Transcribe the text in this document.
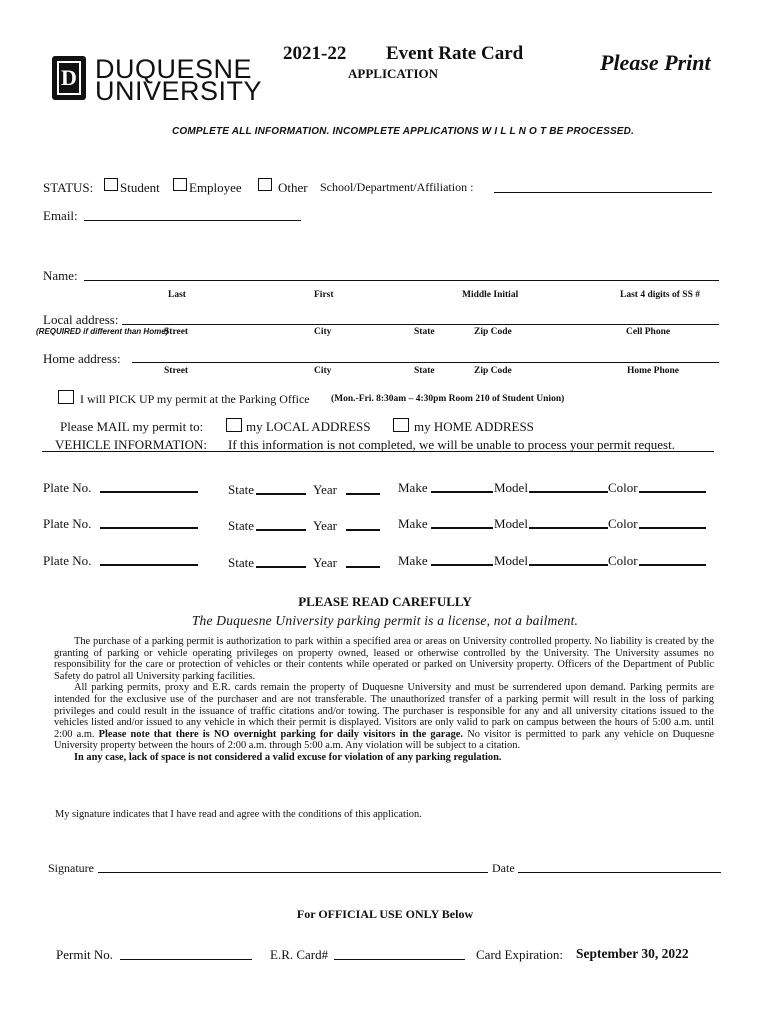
D DUQUESNE
UNIVERSITY
2021-22 Event Rate Card
APPLICATION	Please Print
COMPLETE ALL INFORMATION. INCOMPLETE APPLICATIONS W I L L N O T BE PROCESSED.
STATUS: Student Employee	Other School/Department/Affiliation :
Email:
Name:
Last	First	Middle Initial	Last 4 digits of SS #
Local address:
(REQUIRED if different than Home)
Street	City	State	Zip Code	Cell Phone
Home address:
Street	City	State	Zip Code	Home Phone
I will PICK UP my permit at the Parking Office (Mon.-Fri. 8:30am – 4:30pm Room 210 of Student Union)
Please MAIL my permit to:	my LOCAL ADDRESS	my HOME ADDRESS
VEHICLE INFORMATION: If this information is not completed, we will be unable to process your permit request.
Plate No.	State	Year	Make	Model	Color
Plate No.	State	Year	Make	Model	Color
Plate No.	State	Year	Make	Model	Color
PLEASE READ CAREFULLY
The Duquesne University parking permit is a license, not a bailment.

The purchase of a parking permit is authorization to park within a specified area or areas on University controlled property. No liability is created by the granting of parking or vehicle operating privileges on property owned, leased or otherwise controlled by the University. The University assumes no responsibility for the care or protection of vehicles or their contents while operated or parked on University property. Officers of the Department of Public Safety do patrol all University parking facilities.

All parking permits, proxy and E.R. cards remain the property of Duquesne University and must be surrendered upon demand. Parking permits are intended for the exclusive use of the purchaser and are not transferable. The unauthorized transfer of a parking permit will result in the loss of parking privileges and could result in the issuance of traffic citations and/or towing. The purchaser is responsible for any and all university citations issued to the vehicles listed and/or issued to any vehicle in which their permit is displayed. Visitors are only valid to park on campus between the hours of 5:00 a.m. until 2:00 a.m. Please note that there is NO overnight parking for daily visitors in the garage. No visitor is permitted to park any vehicle on Duquesne University property between the hours of 2:00 a.m. through 5:00 a.m. Any violation will be subject to a citation.

In any case, lack of space is not considered a valid excuse for violation of any parking regulation.

My signature indicates that I have read and agree with the conditions of this application.
Signature	Date
For OFFICIAL USE ONLY Below
Permit No.	E.R. Card#	Card Expiration: September 30, 2022
